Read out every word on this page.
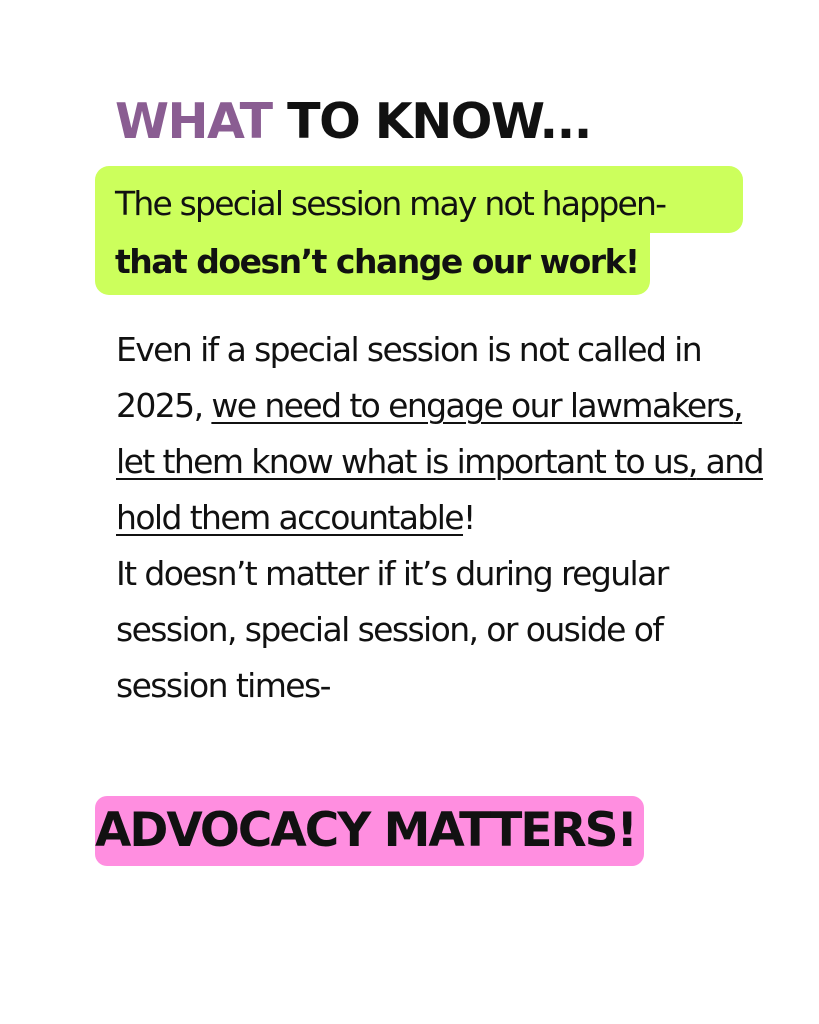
WHAT TO KNOW...

The special session may not happen-
that doesn’t change our work!

Even if a special session is not called in 2025, we need to engage our lawmakers, let them know what is important to us, and hold them accountable!

It doesn’t matter if it’s during regular session, special session, or ouside of session times-

ADVOCACY MATTERS!
